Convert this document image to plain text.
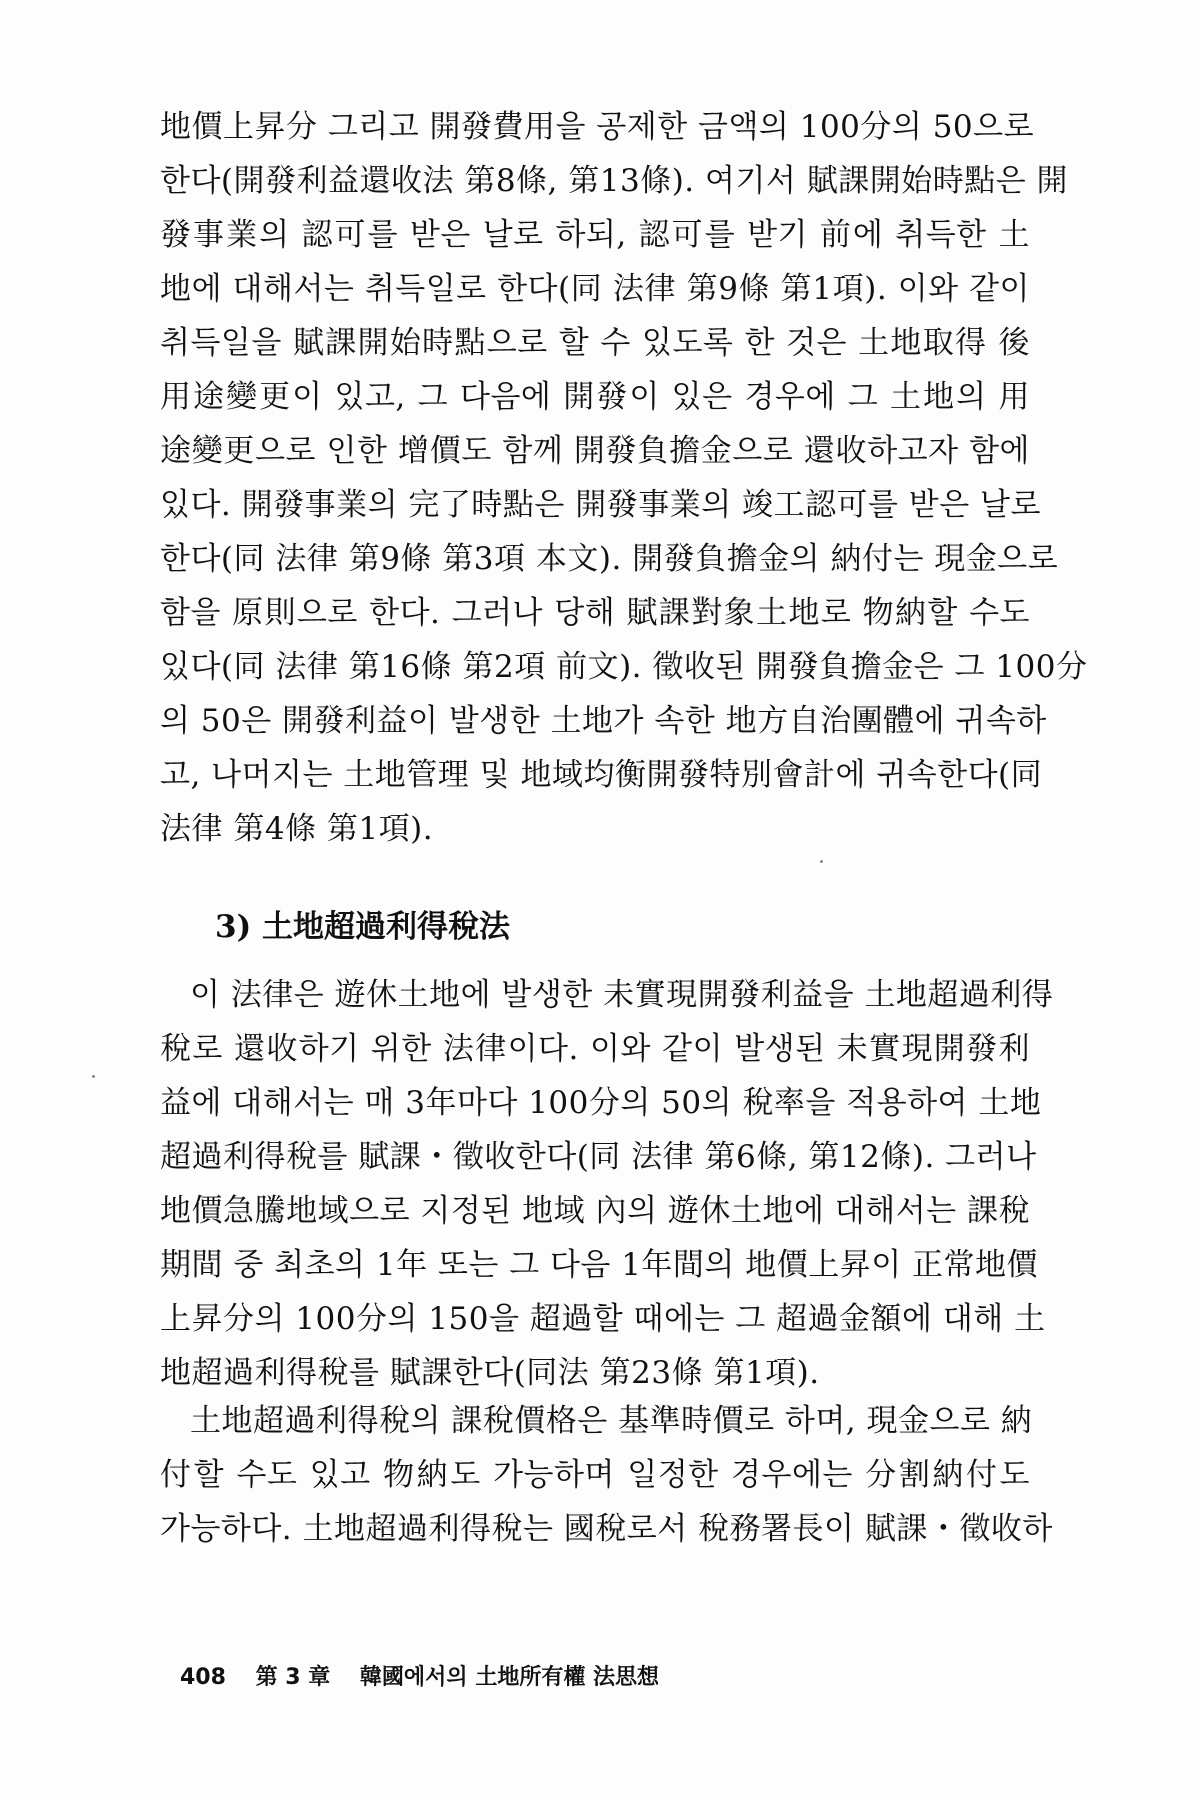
地價上昇分 그리고 開發費用을 공제한 금액의 100分의 50으로
한다(開發利益還收法 第8條, 第13條). 여기서 賦課開始時點은 開
發事業의 認可를 받은 날로 하되, 認可를 받기 前에 취득한 土
地에 대해서는 취득일로 한다(同 法律 第9條 第1項). 이와 같이
취득일을 賦課開始時點으로 할 수 있도록 한 것은 土地取得 後
用途變更이 있고, 그 다음에 開發이 있은 경우에 그 土地의 用
途變更으로 인한 增價도 함께 開發負擔金으로 還收하고자 함에
있다. 開發事業의 完了時點은 開發事業의 竣工認可를 받은 날로
한다(同 法律 第9條 第3項 本文). 開發負擔金의 納付는 現金으로
함을 原則으로 한다. 그러나 당해 賦課對象土地로 物納할 수도
있다(同 法律 第16條 第2項 前文). 徵收된 開發負擔金은 그 100分
의 50은 開發利益이 발생한 土地가 속한 地方自治團體에 귀속하
고, 나머지는 土地管理 및 地域均衡開發特別會計에 귀속한다(同
法律 第4條 第1項).
3) 土地超過利得稅法
이 法律은 遊休土地에 발생한 未實現開發利益을 土地超過利得
稅로 還收하기 위한 法律이다. 이와 같이 발생된 未實現開發利
益에 대해서는 매 3年마다 100分의 50의 稅率을 적용하여 土地
超過利得稅를 賦課・徵收한다(同 法律 第6條, 第12條). 그러나
地價急騰地域으로 지정된 地域 內의 遊休土地에 대해서는 課稅
期間 중 최초의 1年 또는 그 다음 1年間의 地價上昇이 正常地價
上昇分의 100分의 150을 超過할 때에는 그 超過金額에 대해 土
地超過利得稅를 賦課한다(同法 第23條 第1項).
土地超過利得稅의 課稅價格은 基準時價로 하며, 現金으로 納
付할 수도 있고 物納도 가능하며 일정한 경우에는 分割納付도
가능하다. 土地超過利得稅는 國稅로서 稅務署長이 賦課・徵收하
408 第 3 章 韓國에서의 土地所有權 法思想
